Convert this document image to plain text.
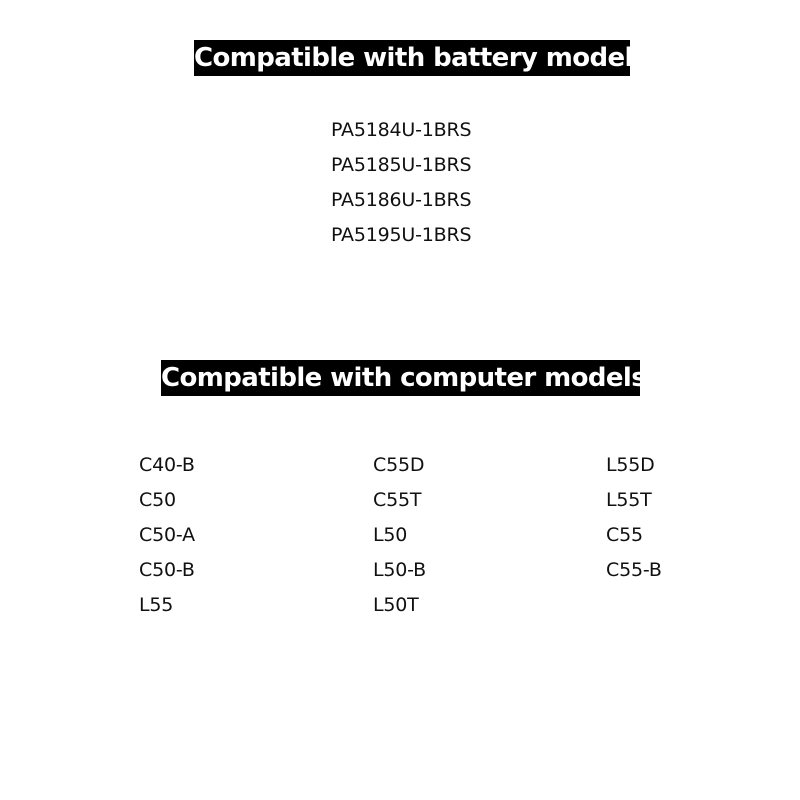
Compatible with battery models
PA5184U-1BRS
PA5185U-1BRS
PA5186U-1BRS
PA5195U-1BRS
Compatible with computer models
C40-B
C50
C50-A
C50-B
L55
C55D
C55T
L50
L50-B
L50T
L55D
L55T
C55
C55-B
